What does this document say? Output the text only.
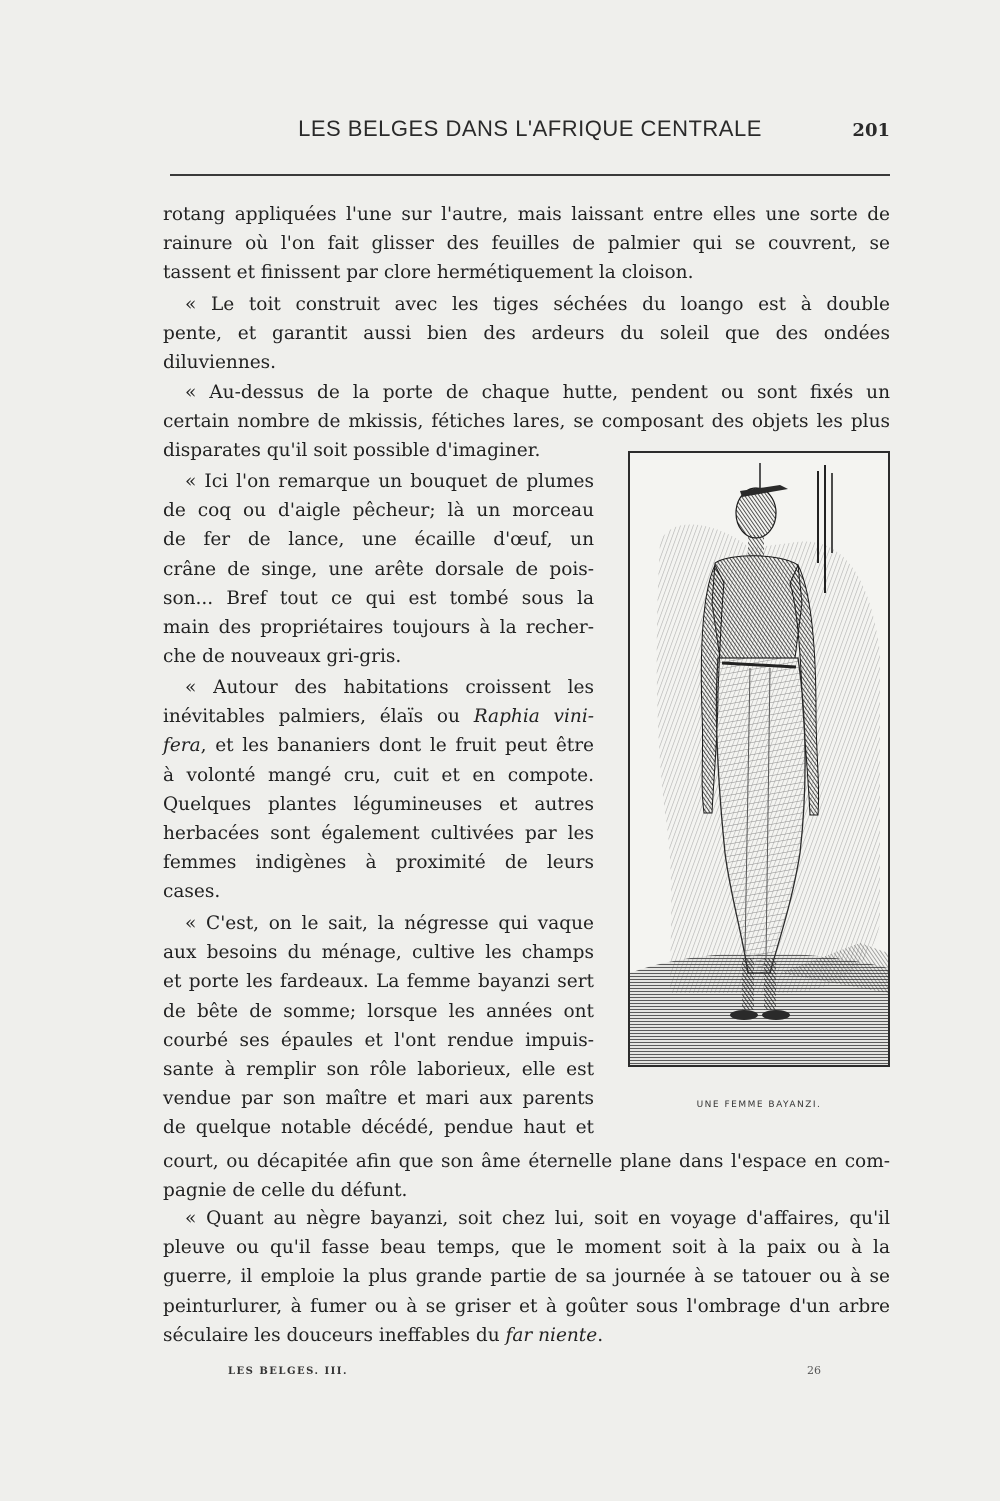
LES BELGES DANS L'AFRIQUE CENTRALE	201
rotang appliquées l'une sur l'autre, mais laissant entre elles une sorte de
rainure où l'on fait glisser des feuilles de palmier qui se couvrent, se
tassent et finissent par clore hermétiquement la cloison.
« Le toit construit avec les tiges séchées du loango est à double
pente, et garantit aussi bien des ardeurs du soleil que des ondées
diluviennes.
« Au-dessus de la porte de chaque hutte, pendent ou sont fixés un
certain nombre de mkissis, fétiches lares, se composant des objets les plus
disparates qu'il soit possible d'imaginer.
« Ici l'on remarque un bouquet de plumes
de coq ou d'aigle pêcheur; là un morceau
de fer de lance, une écaille d'œuf, un
crâne de singe, une arête dorsale de pois-
son... Bref tout ce qui est tombé sous la
main des propriétaires toujours à la recher-
che de nouveaux gri-gris.
« Autour des habitations croissent les
inévitables palmiers, élaïs ou Raphia vini-
fera, et les bananiers dont le fruit peut être
à volonté mangé cru, cuit et en compote.
Quelques plantes légumineuses et autres
herbacées sont également cultivées par les
femmes indigènes à proximité de leurs
cases.
« C'est, on le sait, la négresse qui vaque
aux besoins du ménage, cultive les champs
et porte les fardeaux. La femme bayanzi sert
de bête de somme; lorsque les années ont
courbé ses épaules et l'ont rendue impuis-
sante à remplir son rôle laborieux, elle est
vendue par son maître et mari aux parents
de quelque notable décédé, pendue haut et
court, ou décapitée afin que son âme éternelle plane dans l'espace en com-
pagnie de celle du défunt.
« Quant au nègre bayanzi, soit chez lui, soit en voyage d'affaires, qu'il
pleuve ou qu'il fasse beau temps, que le moment soit à la paix ou à la
guerre, il emploie la plus grande partie de sa journée à se tatouer ou à se
peinturlurer, à fumer ou à se griser et à goûter sous l'ombrage d'un arbre
séculaire les douceurs ineffables du far niente.
UNE FEMME BAYANZI.
LES BELGES. III.	26
